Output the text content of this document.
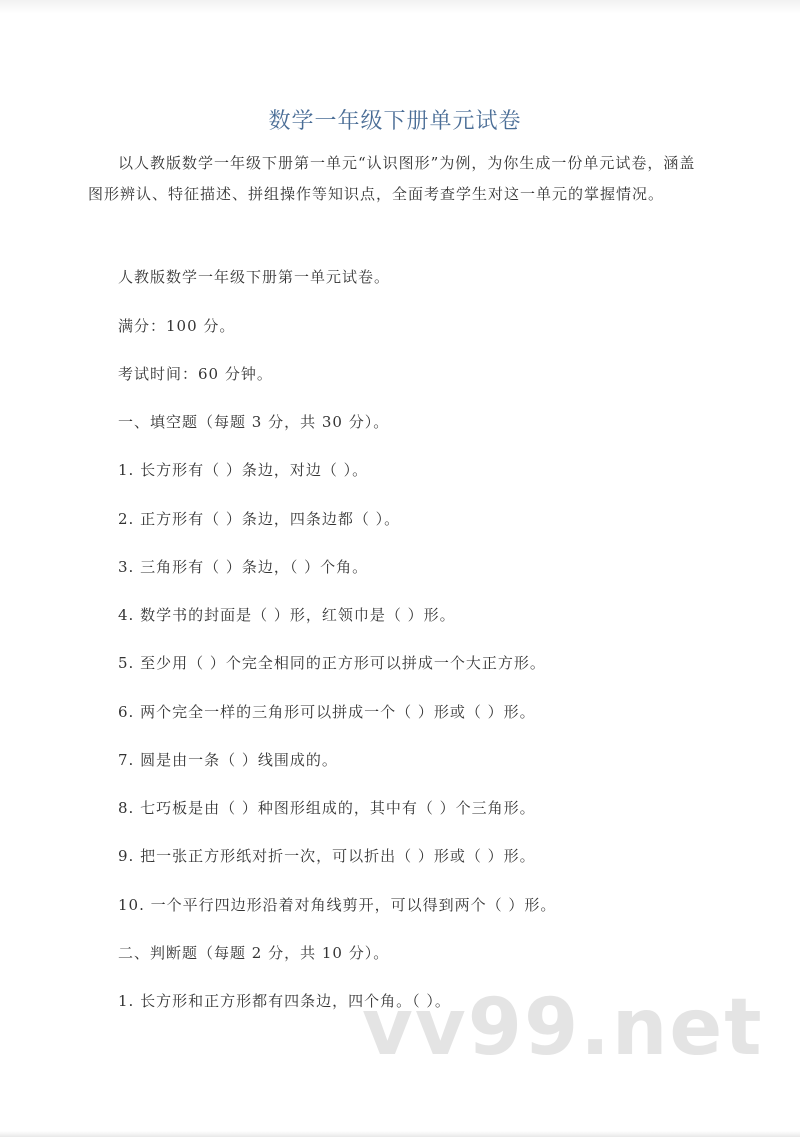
数学一年级下册单元试卷
以人教版数学一年级下册第一单元“认识图形”为例，为你生成一份单元试卷，涵盖图形辨认、特征描述、拼组操作等知识点，全面考查学生对这一单元的掌握情况。
人教版数学一年级下册第一单元试卷。
满分：100 分。
考试时间：60 分钟。
一、填空题（每题 3 分，共 30 分）。
1. 长方形有（ ）条边，对边（ ）。
2. 正方形有（ ）条边，四条边都（ ）。
3. 三角形有（ ）条边，（ ）个角。
4. 数学书的封面是（ ）形，红领巾是（ ）形。
5. 至少用（ ）个完全相同的正方形可以拼成一个大正方形。
6. 两个完全一样的三角形可以拼成一个（ ）形或（ ）形。
7. 圆是由一条（ ）线围成的。
8. 七巧板是由（ ）种图形组成的，其中有（ ）个三角形。
9. 把一张正方形纸对折一次，可以折出（ ）形或（ ）形。
10. 一个平行四边形沿着对角线剪开，可以得到两个（ ）形。
二、判断题（每题 2 分，共 10 分）。
1. 长方形和正方形都有四条边，四个角。（ ）。
vv99.net
